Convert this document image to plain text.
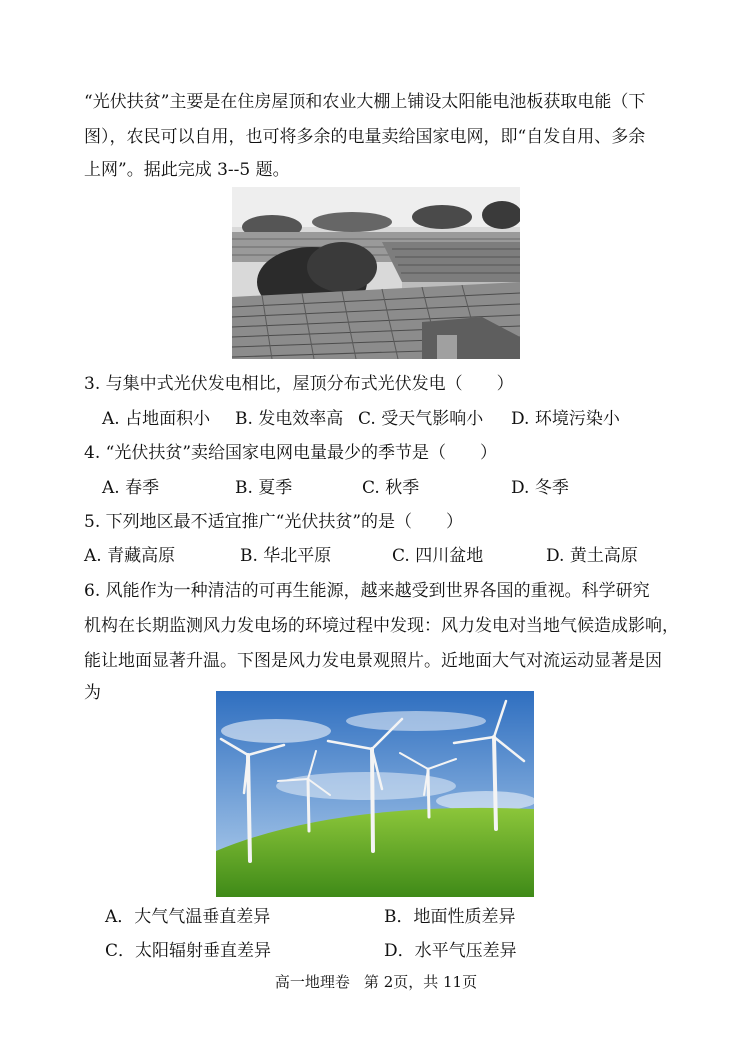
“光伏扶贫”主要是在住房屋顶和农业大棚上铺设太阳能电池板获取电能（下
图），农民可以自用，也可将多余的电量卖给国家电网，即“自发自用、多余
上网”。据此完成 3--5 题。
3. 与集中式光伏发电相比，屋顶分布式光伏发电（　　）
A. 占地面积小 B. 发电效率高 C. 受天气影响小 D. 环境污染小
4. “光伏扶贫”卖给国家电网电量最少的季节是（　　）
A. 春季	B. 夏季	C. 秋季	D. 冬季
5. 下列地区最不适宜推广“光伏扶贫”的是（　　）
A. 青藏高原	B. 华北平原	C. 四川盆地	D. 黄土高原
6. 风能作为一种清洁的可再生能源，越来越受到世界各国的重视。科学研究
机构在长期监测风力发电场的环境过程中发现：风力发电对当地气候造成影响，
能让地面显著升温。下图是风力发电景观照片。近地面大气对流运动显著是因
为
A．大气气温垂直差异	B．地面性质差异
C．太阳辐射垂直差异	D．水平气压差异
高一地理卷 第 2页，共 11页
